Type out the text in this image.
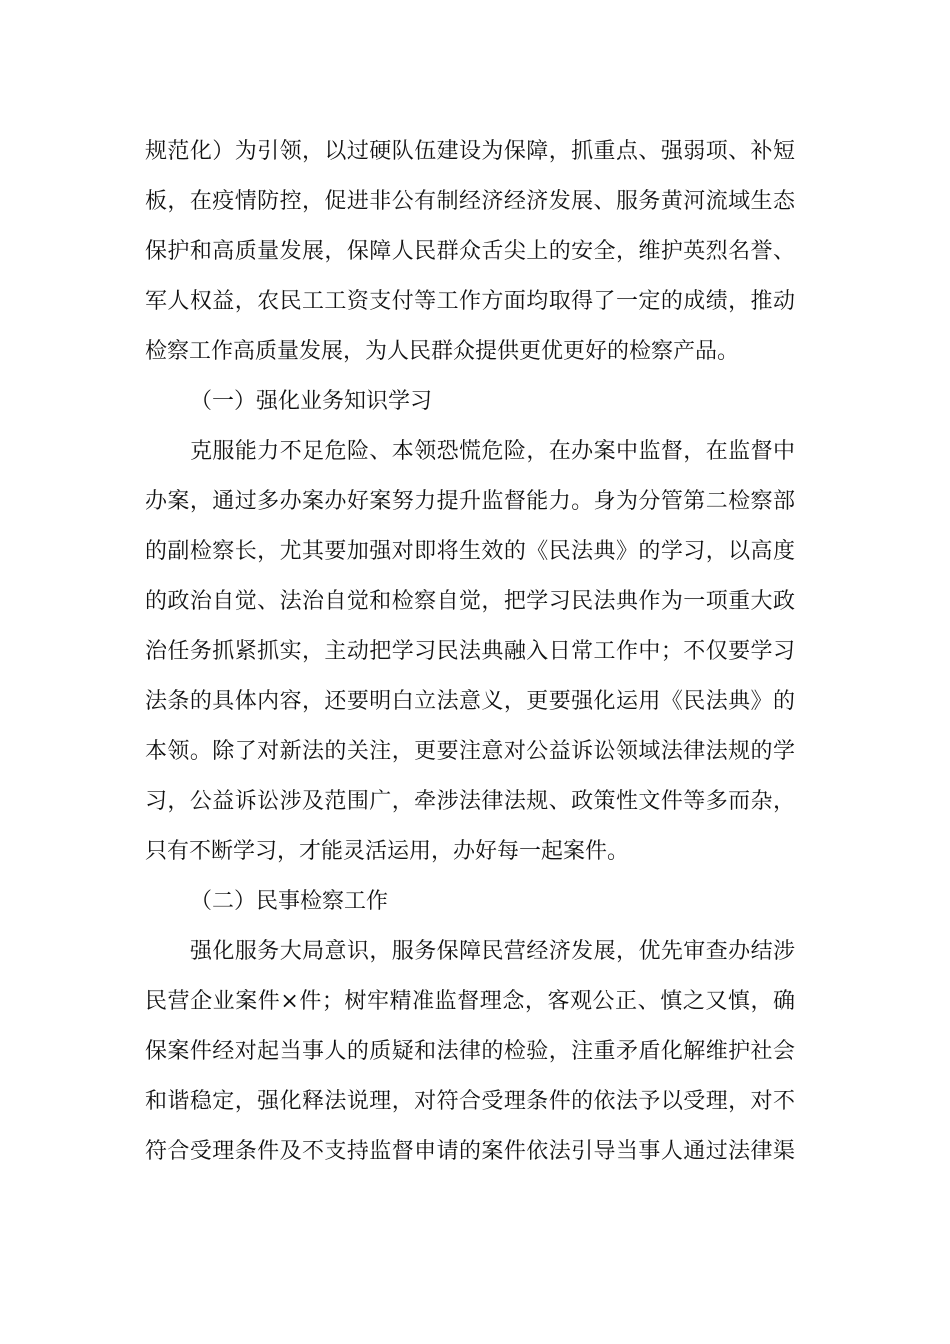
规范化）为引领，以过硬队伍建设为保障，抓重点、强弱项、补短
板，在疫情防控，促进非公有制经济经济发展、服务黄河流域生态
保护和高质量发展，保障人民群众舌尖上的安全，维护英烈名誉、
军人权益，农民工工资支付等工作方面均取得了一定的成绩，推动
检察工作高质量发展，为人民群众提供更优更好的检察产品。
（一）强化业务知识学习
克服能力不足危险、本领恐慌危险，在办案中监督，在监督中
办案，通过多办案办好案努力提升监督能力。身为分管第二检察部
的副检察长，尤其要加强对即将生效的《民法典》的学习，以高度
的政治自觉、法治自觉和检察自觉，把学习民法典作为一项重大政
治任务抓紧抓实，主动把学习民法典融入日常工作中；不仅要学习
法条的具体内容，还要明白立法意义，更要强化运用《民法典》的
本领。除了对新法的关注，更要注意对公益诉讼领域法律法规的学
习，公益诉讼涉及范围广，牵涉法律法规、政策性文件等多而杂，
只有不断学习，才能灵活运用，办好每一起案件。
（二）民事检察工作
强化服务大局意识，服务保障民营经济发展，优先审查办结涉
民营企业案件×件；树牢精准监督理念，客观公正、慎之又慎，确
保案件经对起当事人的质疑和法律的检验，注重矛盾化解维护社会
和谐稳定，强化释法说理，对符合受理条件的依法予以受理，对不
符合受理条件及不支持监督申请的案件依法引导当事人通过法律渠
